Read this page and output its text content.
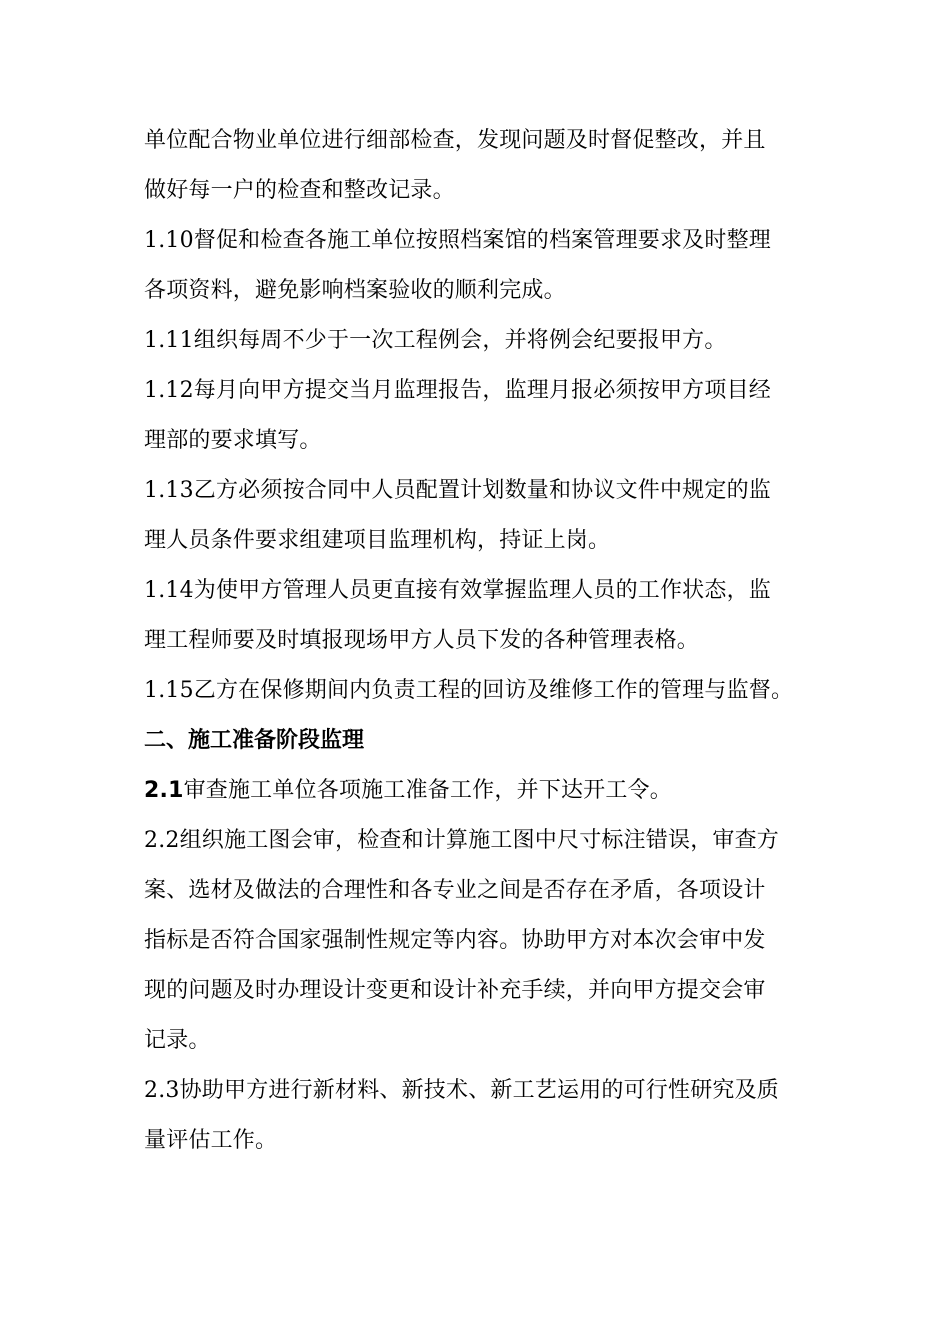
单位配合物业单位进行细部检查，发现问题及时督促整改，并且
做好每一户的检查和整改记录。
1.10督促和检查各施工单位按照档案馆的档案管理要求及时整理
各项资料，避免影响档案验收的顺利完成。
1.11组织每周不少于一次工程例会，并将例会纪要报甲方。
1.12每月向甲方提交当月监理报告，监理月报必须按甲方项目经
理部的要求填写。
1.13乙方必须按合同中人员配置计划数量和协议文件中规定的监
理人员条件要求组建项目监理机构，持证上岗。
1.14为使甲方管理人员更直接有效掌握监理人员的工作状态，监
理工程师要及时填报现场甲方人员下发的各种管理表格。
1.15乙方在保修期间内负责工程的回访及维修工作的管理与监督。
二、施工准备阶段监理
2.1审查施工单位各项施工准备工作，并下达开工令。
2.2组织施工图会审，检查和计算施工图中尺寸标注错误，审查方
案、选材及做法的合理性和各专业之间是否存在矛盾，各项设计
指标是否符合国家强制性规定等内容。协助甲方对本次会审中发
现的问题及时办理设计变更和设计补充手续，并向甲方提交会审
记录。
2.3协助甲方进行新材料、新技术、新工艺运用的可行性研究及质
量评估工作。
